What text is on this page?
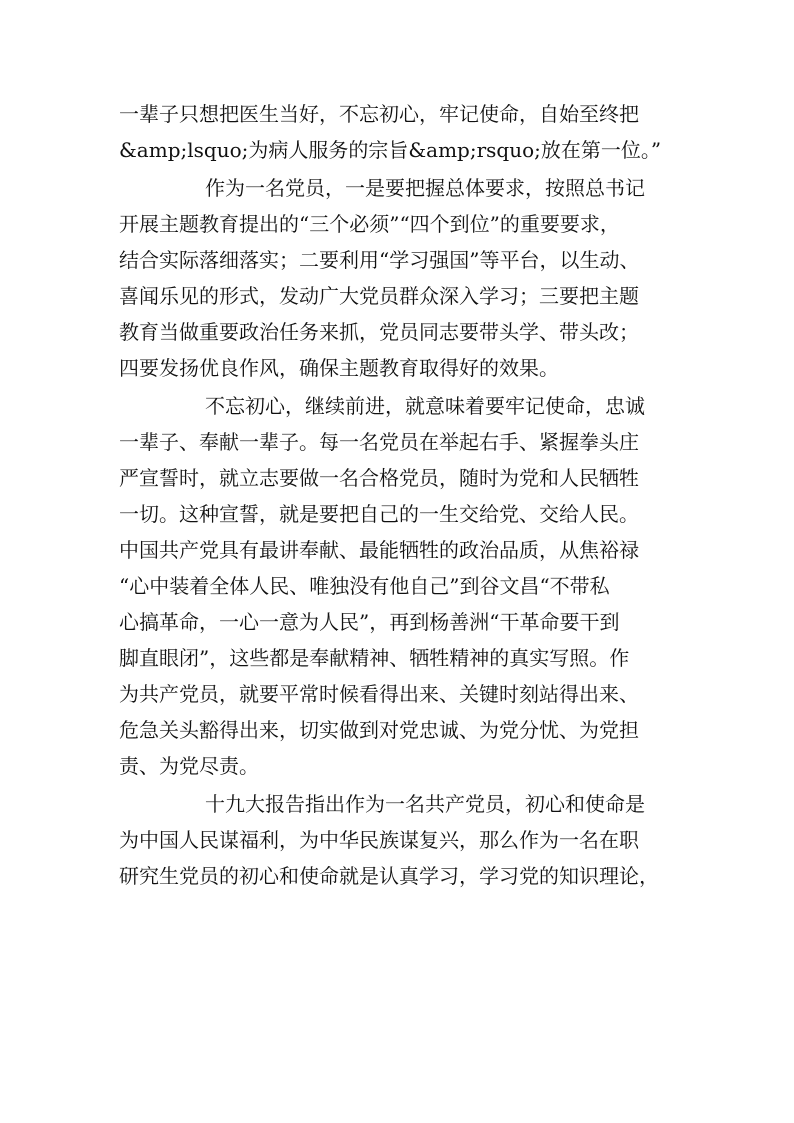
一辈子只想把医生当好，不忘初心，牢记使命，自始至终把
&amp;lsquo;为病人服务的宗旨&amp;rsquo;放在第一位。”
作为一名党员，一是要把握总体要求，按照总书记
开展主题教育提出的“三个必须”“四个到位”的重要要求，
结合实际落细落实；二要利用“学习强国”等平台，以生动、
喜闻乐见的形式，发动广大党员群众深入学习；三要把主题
教育当做重要政治任务来抓，党员同志要带头学、带头改；
四要发扬优良作风，确保主题教育取得好的效果。
不忘初心，继续前进，就意味着要牢记使命，忠诚
一辈子、奉献一辈子。每一名党员在举起右手、紧握拳头庄
严宣誓时，就立志要做一名合格党员，随时为党和人民牺牲
一切。这种宣誓，就是要把自己的一生交给党、交给人民。
中国共产党具有最讲奉献、最能牺牲的政治品质，从焦裕禄
“心中装着全体人民、唯独没有他自己”到谷文昌“不带私
心搞革命，一心一意为人民”，再到杨善洲“干革命要干到
脚直眼闭”，这些都是奉献精神、牺牲精神的真实写照。作
为共产党员，就要平常时候看得出来、关键时刻站得出来、
危急关头豁得出来，切实做到对党忠诚、为党分忧、为党担
责、为党尽责。
十九大报告指出作为一名共产党员，初心和使命是
为中国人民谋福利，为中华民族谋复兴，那么作为一名在职
研究生党员的初心和使命就是认真学习，学习党的知识理论，
